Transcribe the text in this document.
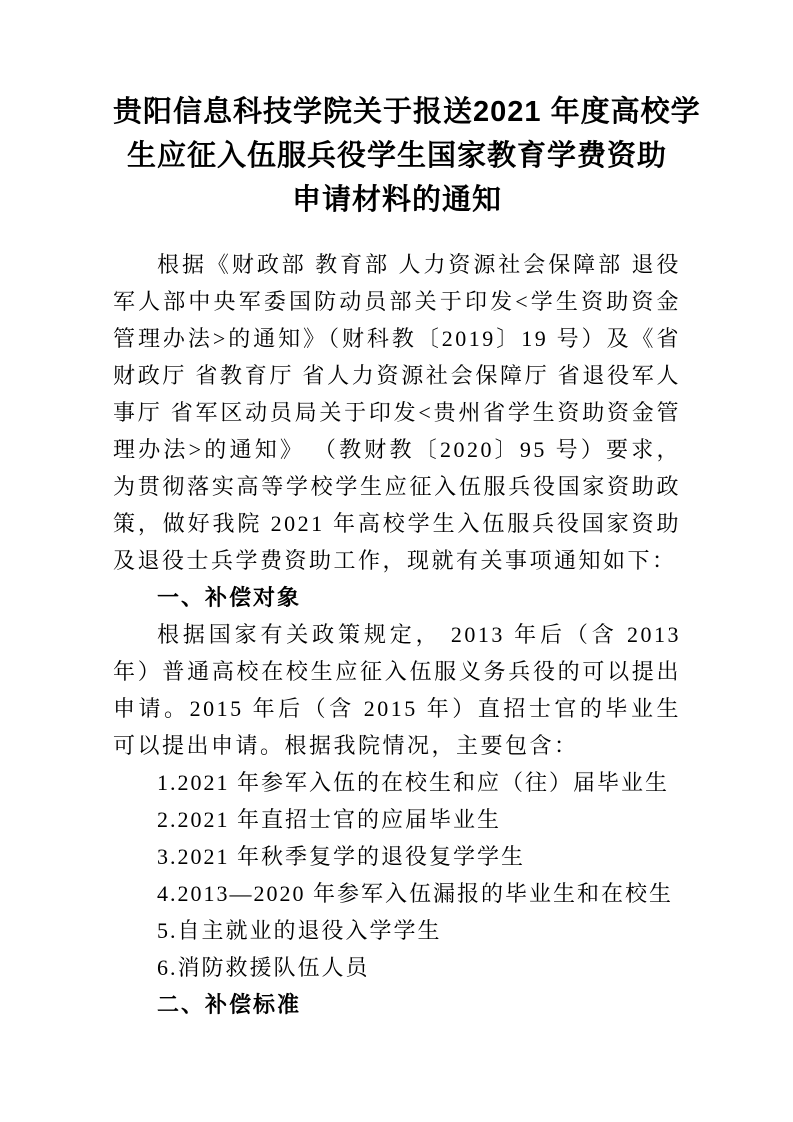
贵阳信息科技学院关于报送2021 年度高校学
生应征入伍服兵役学生国家教育学费资助
申请材料的通知

根据《财政部 教育部 人力资源社会保障部 退役军人部中央军委国防动员部关于印发<学生资助资金管理办法>的通知》（财科教〔2019〕19 号）及《省财政厅 省教育厅 省人力资源社会保障厅 省退役军人事厅 省军区动员局关于印发<贵州省学生资助资金管理办法>的通知》 （教财教〔2020〕95 号）要求，为贯彻落实高等学校学生应征入伍服兵役国家资助政策，做好我院 2021 年高校学生入伍服兵役国家资助及退役士兵学费资助工作，现就有关事项通知如下：

一、补偿对象

根据国家有关政策规定， 2013 年后（含 2013 年）普通高校在校生应征入伍服义务兵役的可以提出申请。2015 年后（含 2015 年）直招士官的毕业生可以提出申请。根据我院情况，主要包含：

1.2021 年参军入伍的在校生和应（往）届毕业生

2.2021 年直招士官的应届毕业生

3.2021 年秋季复学的退役复学学生

4.2013—2020 年参军入伍漏报的毕业生和在校生

5.自主就业的退役入学学生

6.消防救援队伍人员

二、补偿标准
